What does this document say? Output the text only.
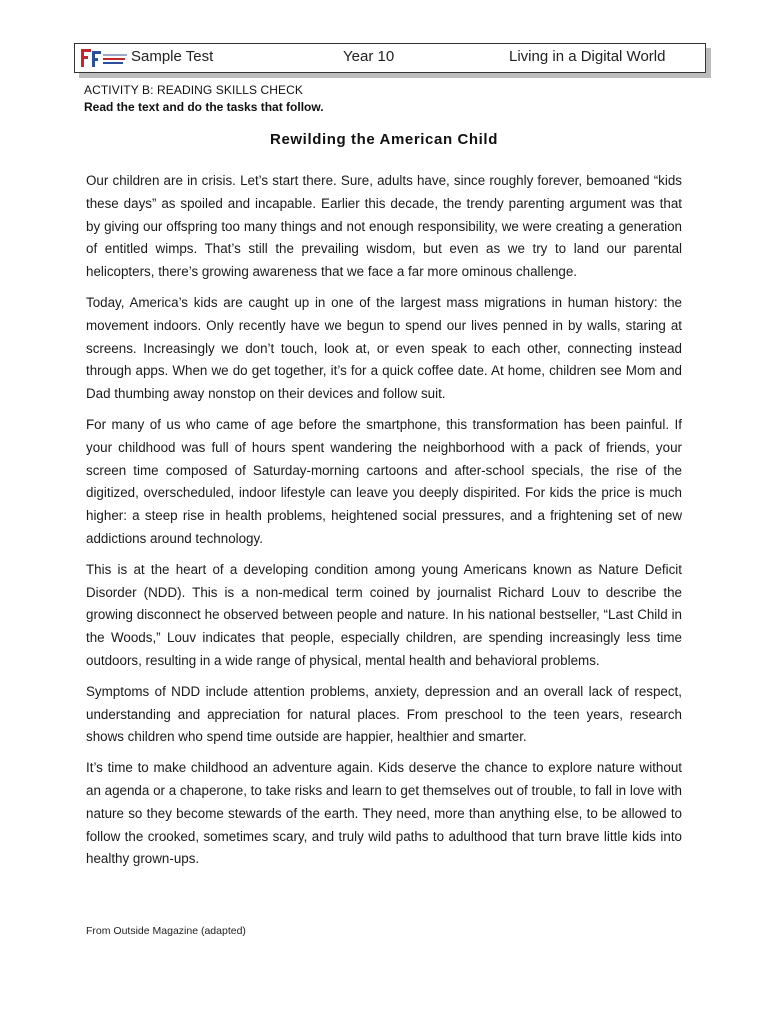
Sample Test	Year 10	Living in a Digital World
ACTIVITY B: READING SKILLS CHECK
Read the text and do the tasks that follow.
Rewilding the American Child

Our children are in crisis. Let’s start there. Sure, adults have, since roughly forever, bemoaned “kids these days” as spoiled and incapable. Earlier this decade, the trendy parenting argument was that by giving our offspring too many things and not enough responsibility, we were creating a generation of entitled wimps. That’s still the prevailing wisdom, but even as we try to land our parental helicopters, there’s growing awareness that we face a far more ominous challenge.

Today, America’s kids are caught up in one of the largest mass migrations in human history: the movement indoors. Only recently have we begun to spend our lives penned in by walls, staring at screens. Increasingly we don’t touch, look at, or even speak to each other, connecting instead through apps. When we do get together, it’s for a quick coffee date. At home, children see Mom and Dad thumbing away nonstop on their devices and follow suit.

For many of us who came of age before the smartphone, this transformation has been painful. If your childhood was full of hours spent wandering the neighborhood with a pack of friends, your screen time composed of Saturday-morning cartoons and after-school specials, the rise of the digitized, overscheduled, indoor lifestyle can leave you deeply dispirited. For kids the price is much higher: a steep rise in health problems, heightened social pressures, and a frightening set of new addictions around technology.

This is at the heart of a developing condition among young Americans known as Nature Deficit Disorder (NDD). This is a non-medical term coined by journalist Richard Louv to describe the growing disconnect he observed between people and nature. In his national bestseller, “Last Child in the Woods,” Louv indicates that people, especially children, are spending increasingly less time outdoors, resulting in a wide range of physical, mental health and behavioral problems.

Symptoms of NDD include attention problems, anxiety, depression and an overall lack of respect, understanding and appreciation for natural places. From preschool to the teen years, research shows children who spend time outside are happier, healthier and smarter.

It’s time to make childhood an adventure again. Kids deserve the chance to explore nature without an agenda or a chaperone, to take risks and learn to get themselves out of trouble, to fall in love with nature so they become stewards of the earth. They need, more than anything else, to be allowed to follow the crooked, sometimes scary, and truly wild paths to adulthood that turn brave little kids into healthy grown-ups.

From Outside Magazine (adapted)
